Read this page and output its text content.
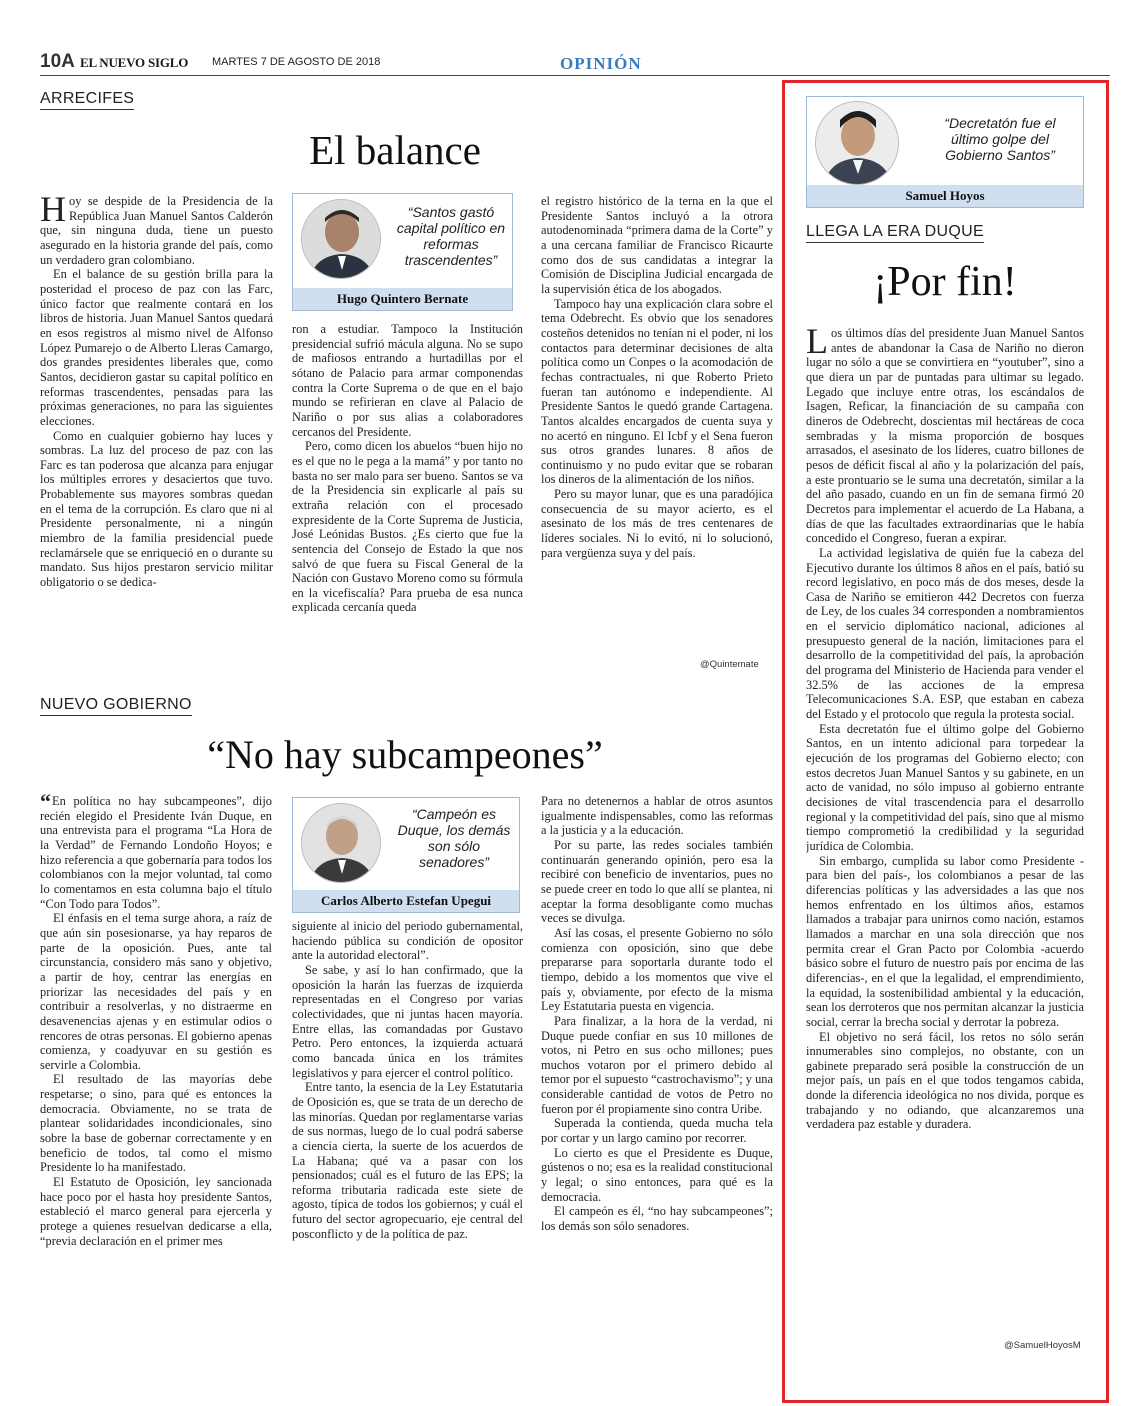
10A EL NUEVO SIGLO MARTES 7 DE AGOSTO DE 2018	OPINIÓN
ARRECIFES
El balance

Hoy se despide de la Presidencia de la República Juan Manuel Santos Calderón que, sin ninguna duda, tiene un puesto asegurado en la historia grande del país, como un verdadero gran colombiano.

En el balance de su gestión brilla para la posteridad el proceso de paz con las Farc, único factor que realmente contará en los libros de historia. Juan Manuel Santos quedará en esos registros al mismo nivel de Alfonso López Pumarejo o de Alberto Lleras Camargo, dos grandes presidentes liberales que, como Santos, decidieron gastar su capital político en reformas trascendentes, pensadas para las próximas generaciones, no para las siguientes elecciones.

Como en cualquier gobierno hay luces y sombras. La luz del proceso de paz con las Farc es tan poderosa que alcanza para enjugar los múltiples errores y desaciertos que tuvo. Probablemente sus mayores sombras quedan en el tema de la corrupción. Es claro que ni al Presidente personalmente, ni a ningún miembro de la familia presidencial puede reclamársele que se enriqueció en o durante su mandato. Sus hijos prestaron servicio militar obligatorio o se dedica-

“Santos gastó capital político en reformas trascendentes”
Hugo Quintero Bernate

ron a estudiar. Tampoco la Institución presidencial sufrió mácula alguna. No se supo de mafiosos entrando a hurtadillas por el sótano de Palacio para armar componendas contra la Corte Suprema o de que en el bajo mundo se refirieran en clave al Palacio de Nariño o por sus alias a colaboradores cercanos del Presidente.

Pero, como dicen los abuelos “buen hijo no es el que no le pega a la mamá” y por tanto no basta no ser malo para ser bueno. Santos se va de la Presidencia sin explicarle al país su extraña relación con el procesado expresidente de la Corte Suprema de Justicia, José Leónidas Bustos. ¿Es cierto que fue la sentencia del Consejo de Estado la que nos salvó de que fuera su Fiscal General de la Nación con Gustavo Moreno como su fórmula en la vicefiscalía? Para prueba de esa nunca explicada cercanía queda

el registro histórico de la terna en la que el Presidente Santos incluyó a la otrora autodenominada “primera dama de la Corte” y a una cercana familiar de Francisco Ricaurte como dos de sus candidatas a integrar la Comisión de Disciplina Judicial encargada de la supervisión ética de los abogados.

Tampoco hay una explicación clara sobre el tema Odebrecht. Es obvio que los senadores costeños detenidos no tenían ni el poder, ni los contactos para determinar decisiones de alta política como un Conpes o la acomodación de fechas contractuales, ni que Roberto Prieto fueran tan autónomo e independiente. Al Presidente Santos le quedó grande Cartagena. Tantos alcaldes encargados de cuenta suya y no acertó en ninguno. El Icbf y el Sena fueron sus otros grandes lunares. 8 años de continuismo y no pudo evitar que se robaran los dineros de la alimentación de los niños.

Pero su mayor lunar, que es una paradójica consecuencia de su mayor acierto, es el asesinato de los más de tres centenares de líderes sociales. Ni lo evitó, ni lo solucionó, para vergüenza suya y del país.

@Quintemate
NUEVO GOBIERNO
“No hay subcampeones”

“En política no hay subcampeones”, dijo recién elegido el Presidente Iván Duque, en una entrevista para el programa “La Hora de la Verdad” de Fernando Londoño Hoyos; e hizo referencia a que gobernaría para todos los colombianos con la mejor voluntad, tal como lo comentamos en esta columna bajo el título “Con Todo para Todos”.

El énfasis en el tema surge ahora, a raíz de que aún sin posesionarse, ya hay reparos de parte de la oposición. Pues, ante tal circunstancia, considero más sano y objetivo, a partir de hoy, centrar las energías en priorizar las necesidades del país y en contribuir a resolverlas, y no distraerme en desavenencias ajenas y en estimular odios o rencores de otras personas. El gobierno apenas comienza, y coadyuvar en su gestión es servirle a Colombia.

El resultado de las mayorías debe respetarse; o sino, para qué es entonces la democracia. Obviamente, no se trata de plantear solidaridades incondicionales, sino sobre la base de gobernar correctamente y en beneficio de todos, tal como el mismo Presidente lo ha manifestado.

El Estatuto de Oposición, ley sancionada hace poco por el hasta hoy presidente Santos, estableció el marco general para ejercerla y protege a quienes resuelvan dedicarse a ella, “previa declaración en el primer mes

“Campeón es Duque, los demás son sólo senadores”
Carlos Alberto Estefan Upegui

siguiente al inicio del periodo gubernamental, haciendo pública su condición de opositor ante la autoridad electoral”.

Se sabe, y así lo han confirmado, que la oposición la harán las fuerzas de izquierda representadas en el Congreso por varias colectividades, que ni juntas hacen mayoría. Entre ellas, las comandadas por Gustavo Petro. Pero entonces, la izquierda actuará como bancada única en los trámites legislativos y para ejercer el control político.

Entre tanto, la esencia de la Ley Estatutaria de Oposición es, que se trata de un derecho de las minorías. Quedan por reglamentarse varias de sus normas, luego de lo cual podrá saberse a ciencia cierta, la suerte de los acuerdos de La Habana; qué va a pasar con los pensionados; cuál es el futuro de las EPS; la reforma tributaria radicada este siete de agosto, típica de todos los gobiernos; y cuál el futuro del sector agropecuario, eje central del posconflicto y de la política de paz.

Para no detenernos a hablar de otros asuntos igualmente indispensables, como las reformas a la justicia y a la educación.

Por su parte, las redes sociales también continuarán generando opinión, pero esa la recibiré con beneficio de inventarios, pues no se puede creer en todo lo que allí se plantea, ni aceptar la forma desobligante como muchas veces se divulga.

Así las cosas, el presente Gobierno no sólo comienza con oposición, sino que debe prepararse para soportarla durante todo el tiempo, debido a los momentos que vive el país y, obviamente, por efecto de la misma Ley Estatutaria puesta en vigencia.

Para finalizar, a la hora de la verdad, ni Duque puede confiar en sus 10 millones de votos, ni Petro en sus ocho millones; pues muchos votaron por el primero debido al temor por el supuesto “castrochavismo”; y una considerable cantidad de votos de Petro no fueron por él propiamente sino contra Uribe.

Superada la contienda, queda mucha tela por cortar y un largo camino por recorrer.

Lo cierto es que el Presidente es Duque, gústenos o no; esa es la realidad constitucional y legal; o sino entonces, para qué es la democracia.

El campeón es él, “no hay subcampeones”; los demás son sólo senadores.

“Decretatón fue el último golpe del Gobierno Santos”
Samuel Hoyos
LLEGA LA ERA DUQUE
¡Por fin!

Los últimos días del presidente Juan Manuel Santos antes de abandonar la Casa de Nariño no dieron lugar no sólo a que se convirtiera en “youtuber”, sino a que diera un par de puntadas para ultimar su legado. Legado que incluye entre otras, los escándalos de Isagen, Reficar, la financiación de su campaña con dineros de Odebrecht, doscientas mil hectáreas de coca sembradas y la misma proporción de bosques arrasados, el asesinato de los líderes, cuatro billones de pesos de déficit fiscal al año y la polarización del país, a este prontuario se le suma una decretatón, similar a la del año pasado, cuando en un fin de semana firmó 20 Decretos para implementar el acuerdo de La Habana, a días de que las facultades extraordinarias que le había concedido el Congreso, fueran a expirar.

La actividad legislativa de quién fue la cabeza del Ejecutivo durante los últimos 8 años en el país, batió su record legislativo, en poco más de dos meses, desde la Casa de Nariño se emitieron 442 Decretos con fuerza de Ley, de los cuales 34 corresponden a nombramientos en el servicio diplomático nacional, adiciones al presupuesto general de la nación, limitaciones para el desarrollo de la competitividad del país, la aprobación del programa del Ministerio de Hacienda para vender el 32.5% de las acciones de la empresa Telecomunicaciones S.A. ESP, que estaban en cabeza del Estado y el protocolo que regula la protesta social.

Esta decretatón fue el último golpe del Gobierno Santos, en un intento adicional para torpedear la ejecución de los programas del Gobierno electo; con estos decretos Juan Manuel Santos y su gabinete, en un acto de vanidad, no sólo impuso al gobierno entrante decisiones de vital trascendencia para el desarrollo regional y la competitividad del país, sino que al mismo tiempo comprometió la credibilidad y la seguridad jurídica de Colombia.

Sin embargo, cumplida su labor como Presidente -para bien del país-, los colombianos a pesar de las diferencias políticas y las adversidades a las que nos hemos enfrentado en los últimos años, estamos llamados a trabajar para unirnos como nación, estamos llamados a marchar en una sola dirección que nos permita crear el Gran Pacto por Colombia -acuerdo básico sobre el futuro de nuestro país por encima de las diferencias-, en el que la legalidad, el emprendimiento, la equidad, la sostenibilidad ambiental y la educación, sean los derroteros que nos permitan alcanzar la justicia social, cerrar la brecha social y derrotar la pobreza.

El objetivo no será fácil, los retos no sólo serán innumerables sino complejos, no obstante, con un gabinete preparado será posible la construcción de un mejor país, un país en el que todos tengamos cabida, donde la diferencia ideológica no nos divida, porque es trabajando y no odiando, que alcanzaremos una verdadera paz estable y duradera.

@SamuelHoyosM
